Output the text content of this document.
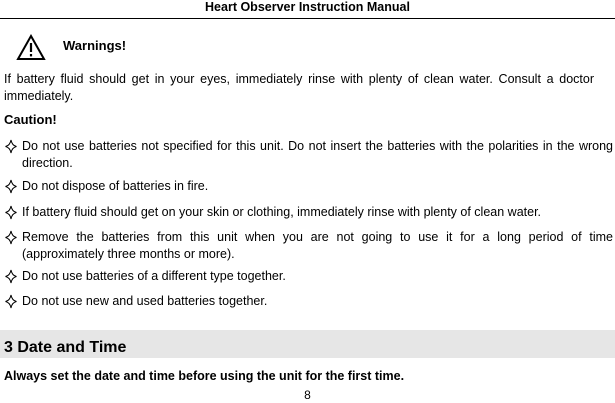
Heart Observer Instruction Manual
Warnings!
If battery fluid should get in your eyes, immediately rinse with plenty of clean water. Consult a doctor immediately.
Caution!
Do not use batteries not specified for this unit. Do not insert the batteries with the polarities in the wrong direction.
Do not dispose of batteries in fire.
If battery fluid should get on your skin or clothing, immediately rinse with plenty of clean water.
Remove the batteries from this unit when you are not going to use it for a long period of time (approximately three months or more).
Do not use batteries of a different type together.
Do not use new and used batteries together.
3 Date and Time
Always set the date and time before using the unit for the first time.
8
